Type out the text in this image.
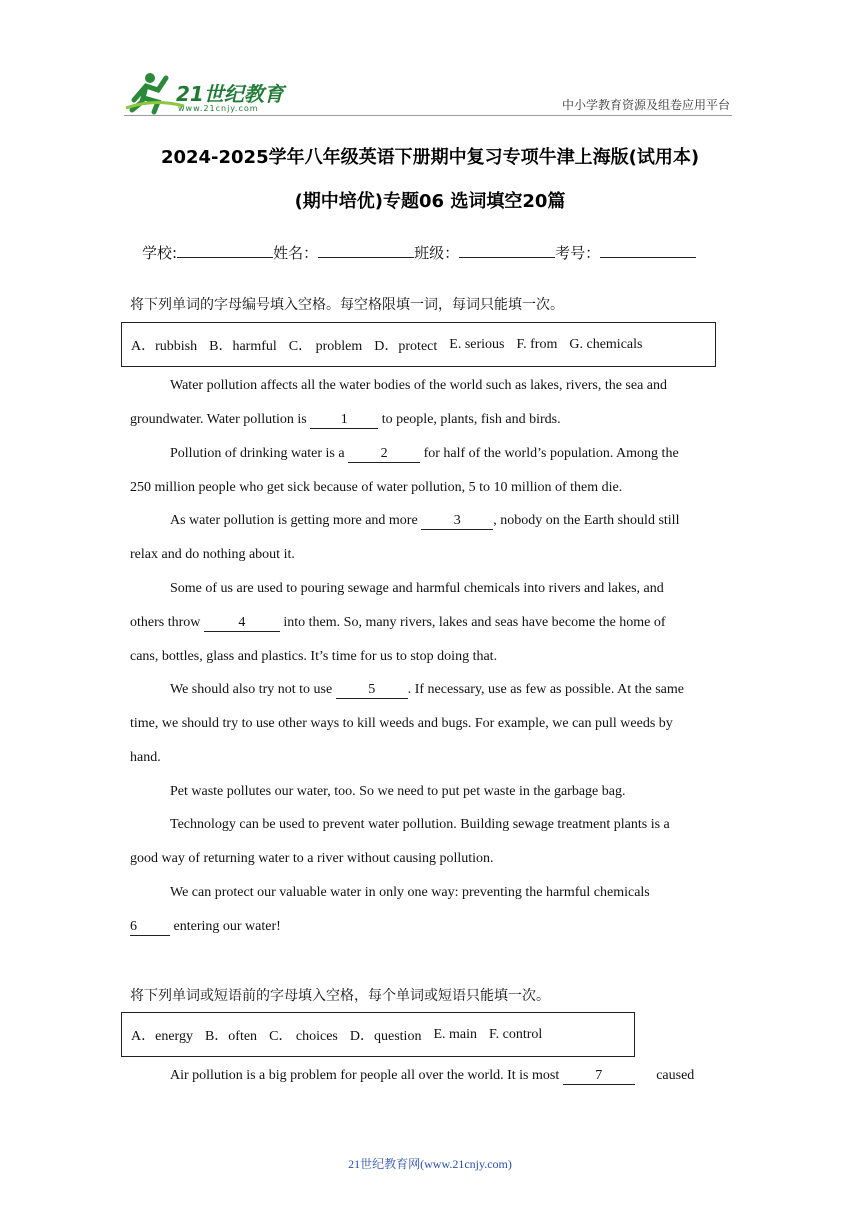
21世纪教育
www.21cnjy.com	中小学教育资源及组卷应用平台
2024-2025学年八年级英语下册期中复习专项牛津上海版(试用本)
(期中培优)专题06 选词填空20篇
学校:	姓名：	班级：	考号：
将下列单词的字母编号填入空格。每空格限填一词，每词只能填一次。
A．rubbish B．harmful C． problem D．protect E. serious F. from G. chemicals
Water pollution affects all the water bodies of the world such as lakes, rivers, the sea and
groundwater. Water pollution is 1 to people, plants, fish and birds.
Pollution of drinking water is a 2 for half of the world’s population. Among the
250 million people who get sick because of water pollution, 5 to 10 million of them die.
As water pollution is getting more and more 3 , nobody on the Earth should still
relax and do nothing about it.
Some of us are used to pouring sewage and harmful chemicals into rivers and lakes, and
others throw 4 into them. So, many rivers, lakes and seas have become the home of
cans, bottles, glass and plastics. It’s time for us to stop doing that.
We should also try not to use 5 . If necessary, use as few as possible. At the same
time, we should try to use other ways to kill weeds and bugs. For example, we can pull weeds by
hand.
Pet waste pollutes our water, too. So we need to put pet waste in the garbage bag.
Technology can be used to prevent water pollution. Building sewage treatment plants is a
good way of returning water to a river without causing pollution.
We can protect our valuable water in only one way: preventing the harmful chemicals
6 entering our water!
将下列单词或短语前的字母填入空格，每个单词或短语只能填一次。
A．energy B．often C． choices D．question E. main F. control
Air pollution is a big problem for people all over the world. It is most 7	caused
21世纪教育网(www.21cnjy.com)
